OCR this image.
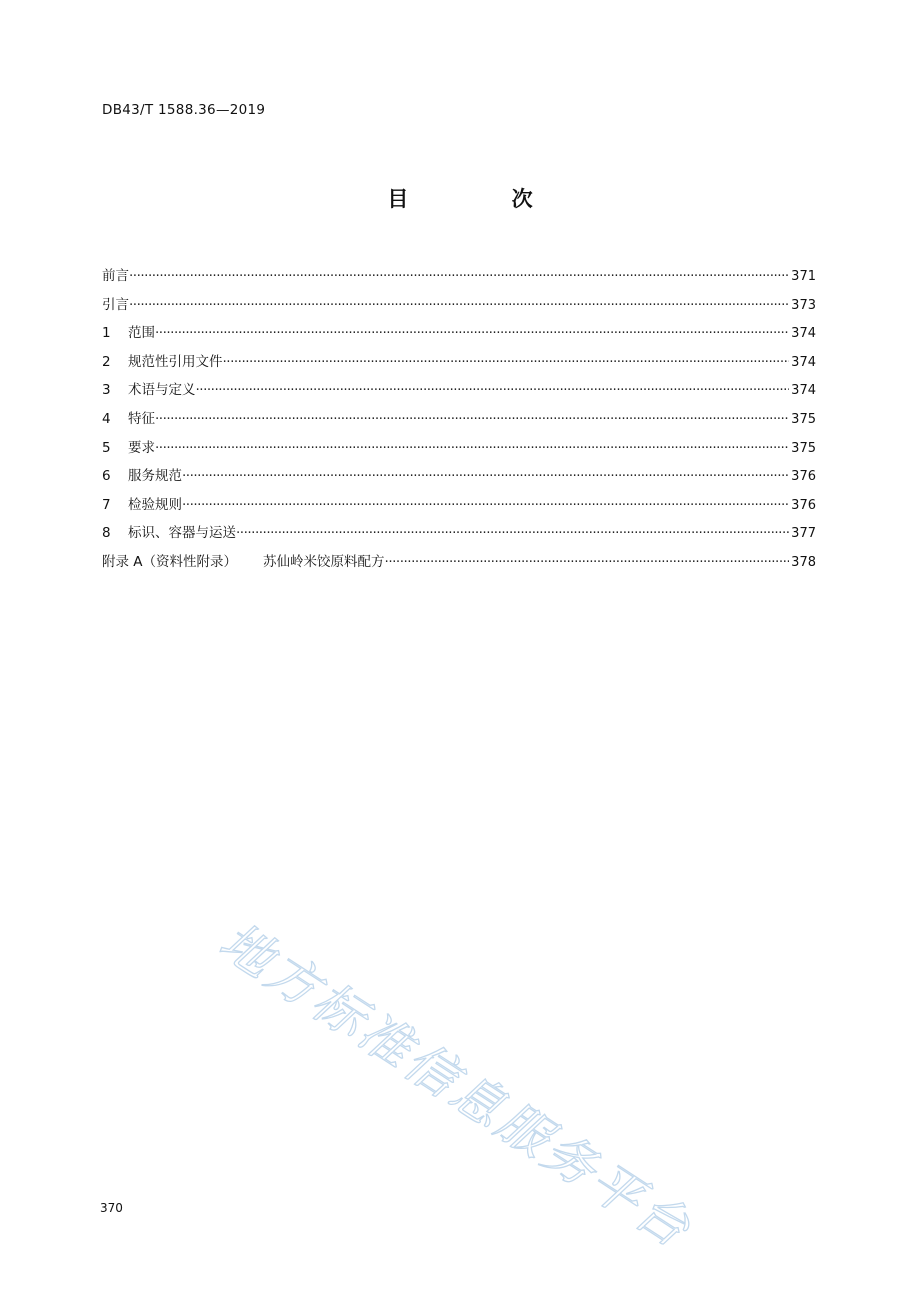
DB43/T 1588.36—2019
目 次
前言 ·····	371
引言 ·····	373
1	范围 ·····	374
2	规范性引用文件 ·····	374
3	术语与定义 ·····	374
4	特征 ·····	375
5	要求 ·····	375
6	服务规范 ·····	376
7	检验规则 ·····	376
8	标识、容器与运送 ·····	377
附录 A（资料性附录） 苏仙岭米饺原料配方 ·····	378
地方标准信息服务平台
370
